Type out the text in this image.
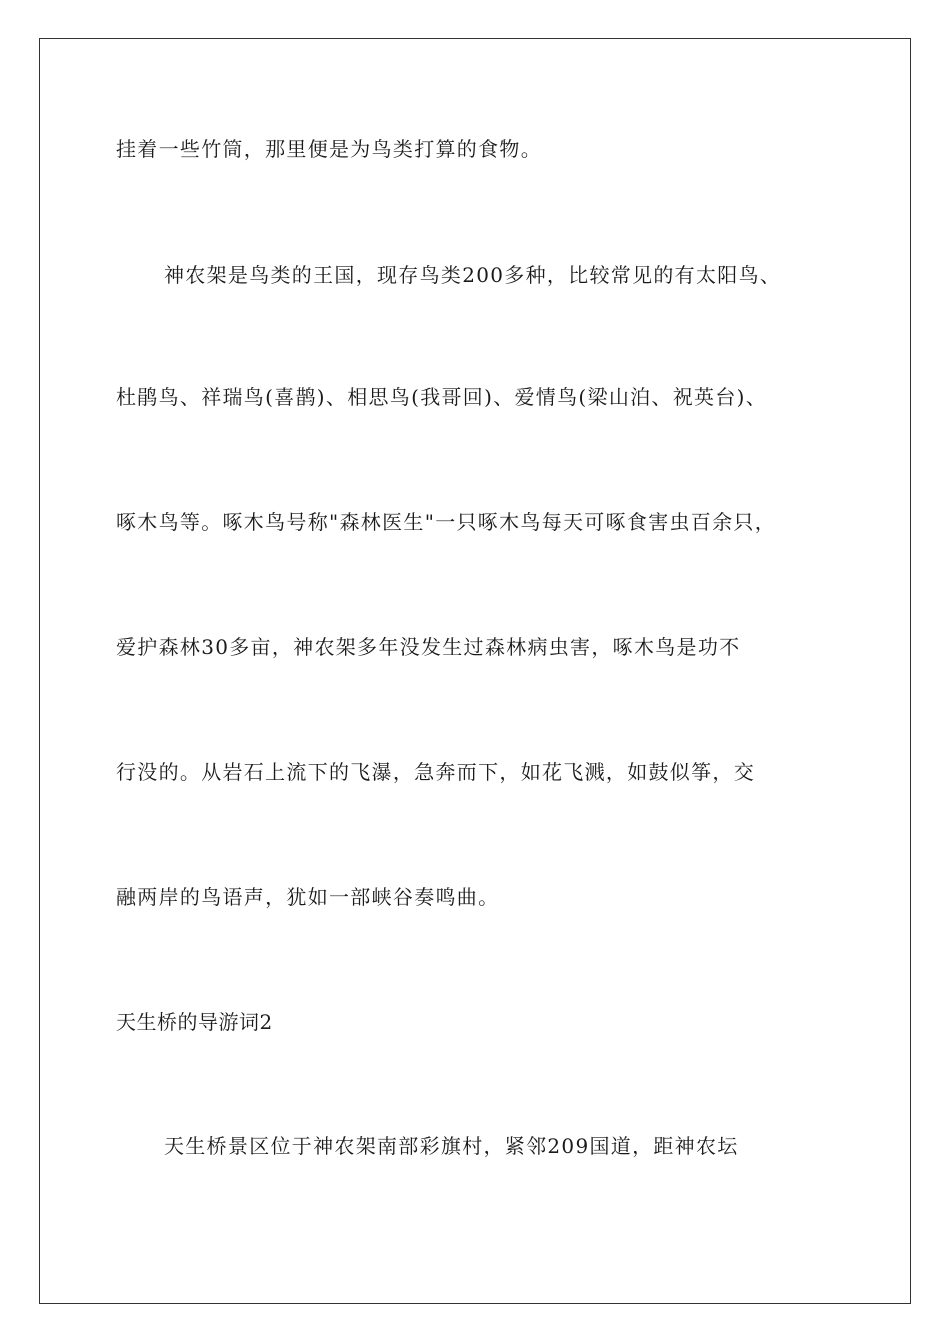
挂着一些竹筒，那里便是为鸟类打算的食物。
神农架是鸟类的王国，现存鸟类200多种，比较常见的有太阳鸟、
杜鹃鸟、祥瑞鸟(喜鹊)、相思鸟(我哥回)、爱情鸟(梁山泊、祝英台)、
啄木鸟等。啄木鸟号称"森林医生"一只啄木鸟每天可啄食害虫百余只，
爱护森林30多亩，神农架多年没发生过森林病虫害，啄木鸟是功不
行没的。从岩石上流下的飞瀑，急奔而下，如花飞溅，如鼓似筝，交
融两岸的鸟语声，犹如一部峡谷奏鸣曲。
天生桥的导游词2
天生桥景区位于神农架南部彩旗村，紧邻209国道，距神农坛
